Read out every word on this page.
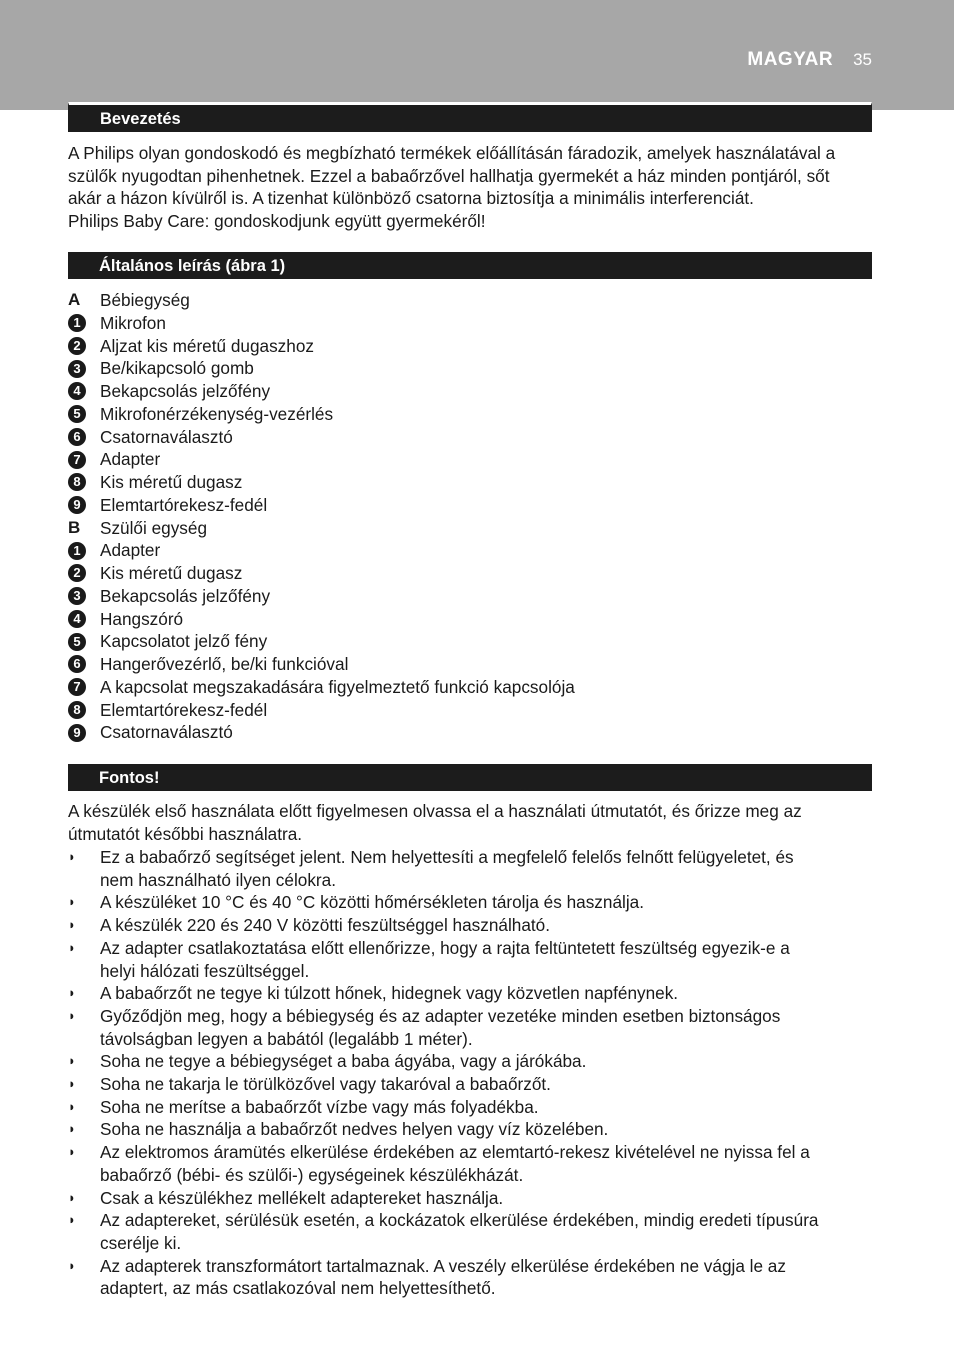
MAGYAR 35
Bevezetés
A Philips olyan gondoskodó és megbízható termékek előállításán fáradozik, amelyek használatával a
szülők nyugodtan pihenhetnek. Ezzel a babaőrzővel hallhatja gyermekét a ház minden pontjáról, sőt
akár a házon kívülről is. A tizenhat különböző csatorna biztosítja a minimális interferenciát.
Philips Baby Care: gondoskodjunk együtt gyermekéről!
Általános leírás (ábra 1)
A	Bébiegység
1	Mikrofon
2	Aljzat kis méretű dugaszhoz
3	Be/kikapcsoló gomb
4	Bekapcsolás jelzőfény
5	Mikrofonérzékenység-vezérlés
6	Csatornaválasztó
7	Adapter
8	Kis méretű dugasz
9	Elemtartórekesz-fedél
B	Szülői egység
1	Adapter
2	Kis méretű dugasz
3	Bekapcsolás jelzőfény
4	Hangszóró
5	Kapcsolatot jelző fény
6	Hangerővezérlő, be/ki funkcióval
7	A kapcsolat megszakadására figyelmeztető funkció kapcsolója
8	Elemtartórekesz-fedél
9	Csatornaválasztó
Fontos!
A készülék első használata előtt figyelmesen olvassa el a használati útmutatót, és őrizze meg az
útmutatót későbbi használatra.
◗	Ez a babaőrző segítséget jelent. Nem helyettesíti a megfelelő felelős felnőtt felügyeletet, és
nem használható ilyen célokra.
◗	A készüléket 10 °C és 40 °C közötti hőmérsékleten tárolja és használja.
◗	A készülék 220 és 240 V közötti feszültséggel használható.
◗	Az adapter csatlakoztatása előtt ellenőrizze, hogy a rajta feltüntetett feszültség egyezik-e a
helyi hálózati feszültséggel.
◗	A babaőrzőt ne tegye ki túlzott hőnek, hidegnek vagy közvetlen napfénynek.
◗	Győződjön meg, hogy a bébiegység és az adapter vezetéke minden esetben biztonságos
távolságban legyen a babától (legalább 1 méter).
◗	Soha ne tegye a bébiegységet a baba ágyába, vagy a járókába.
◗	Soha ne takarja le törülközővel vagy takaróval a babaőrzőt.
◗	Soha ne merítse a babaőrzőt vízbe vagy más folyadékba.
◗	Soha ne használja a babaőrzőt nedves helyen vagy víz közelében.
◗	Az elektromos áramütés elkerülése érdekében az elemtartó-rekesz kivételével ne nyissa fel a
babaőrző (bébi- és szülői-) egységeinek készülékházát.
◗	Csak a készülékhez mellékelt adaptereket használja.
◗	Az adaptereket, sérülésük esetén, a kockázatok elkerülése érdekében, mindig eredeti típusúra
cserélje ki.
◗	Az adapterek transzformátort tartalmaznak. A veszély elkerülése érdekében ne vágja le az
adaptert, az más csatlakozóval nem helyettesíthető.
